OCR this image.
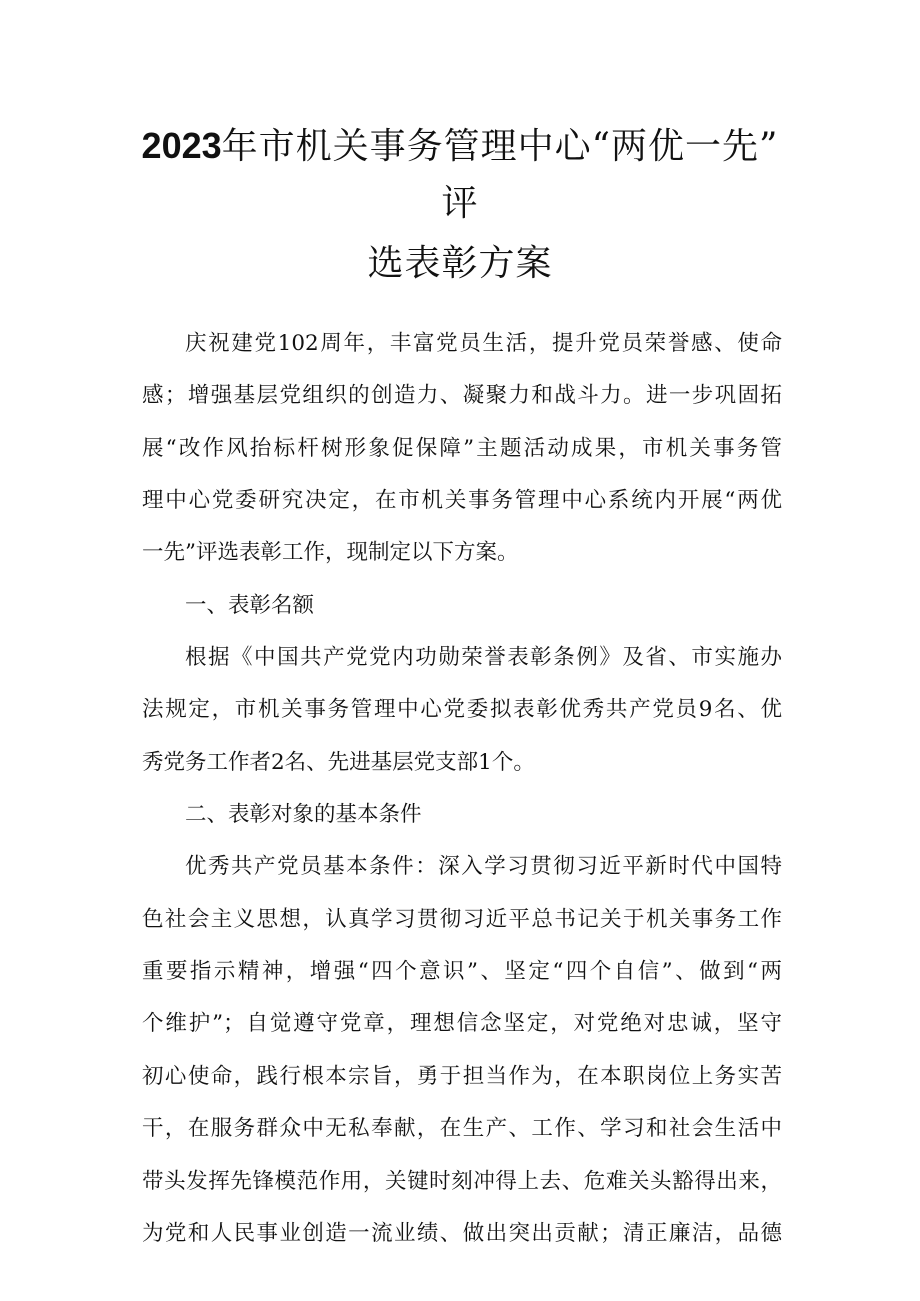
2023年市机关事务管理中心“两优一先”
评
选表彰方案
庆祝建党102周年，丰富党员生活，提升党员荣誉感、使命
感；增强基层党组织的创造力、凝聚力和战斗力。进一步巩固拓
展“改作风抬标杆树形象促保障”主题活动成果，市机关事务管
理中心党委研究决定，在市机关事务管理中心系统内开展“两优
一先”评选表彰工作，现制定以下方案。
一、表彰名额
根据《中国共产党党内功勋荣誉表彰条例》及省、市实施办
法规定，市机关事务管理中心党委拟表彰优秀共产党员9名、优
秀党务工作者2名、先进基层党支部1个。
二、表彰对象的基本条件
优秀共产党员基本条件：深入学习贯彻习近平新时代中国特
色社会主义思想，认真学习贯彻习近平总书记关于机关事务工作
重要指示精神，增强“四个意识”、坚定“四个自信”、做到“两
个维护”；自觉遵守党章，理想信念坚定，对党绝对忠诚，坚守
初心使命，践行根本宗旨，勇于担当作为，在本职岗位上务实苦
干，在服务群众中无私奉献，在生产、工作、学习和社会生活中
带头发挥先锋模范作用，关键时刻冲得上去、危难关头豁得出来，
为党和人民事业创造一流业绩、做出突出贡献；清正廉洁，品德
